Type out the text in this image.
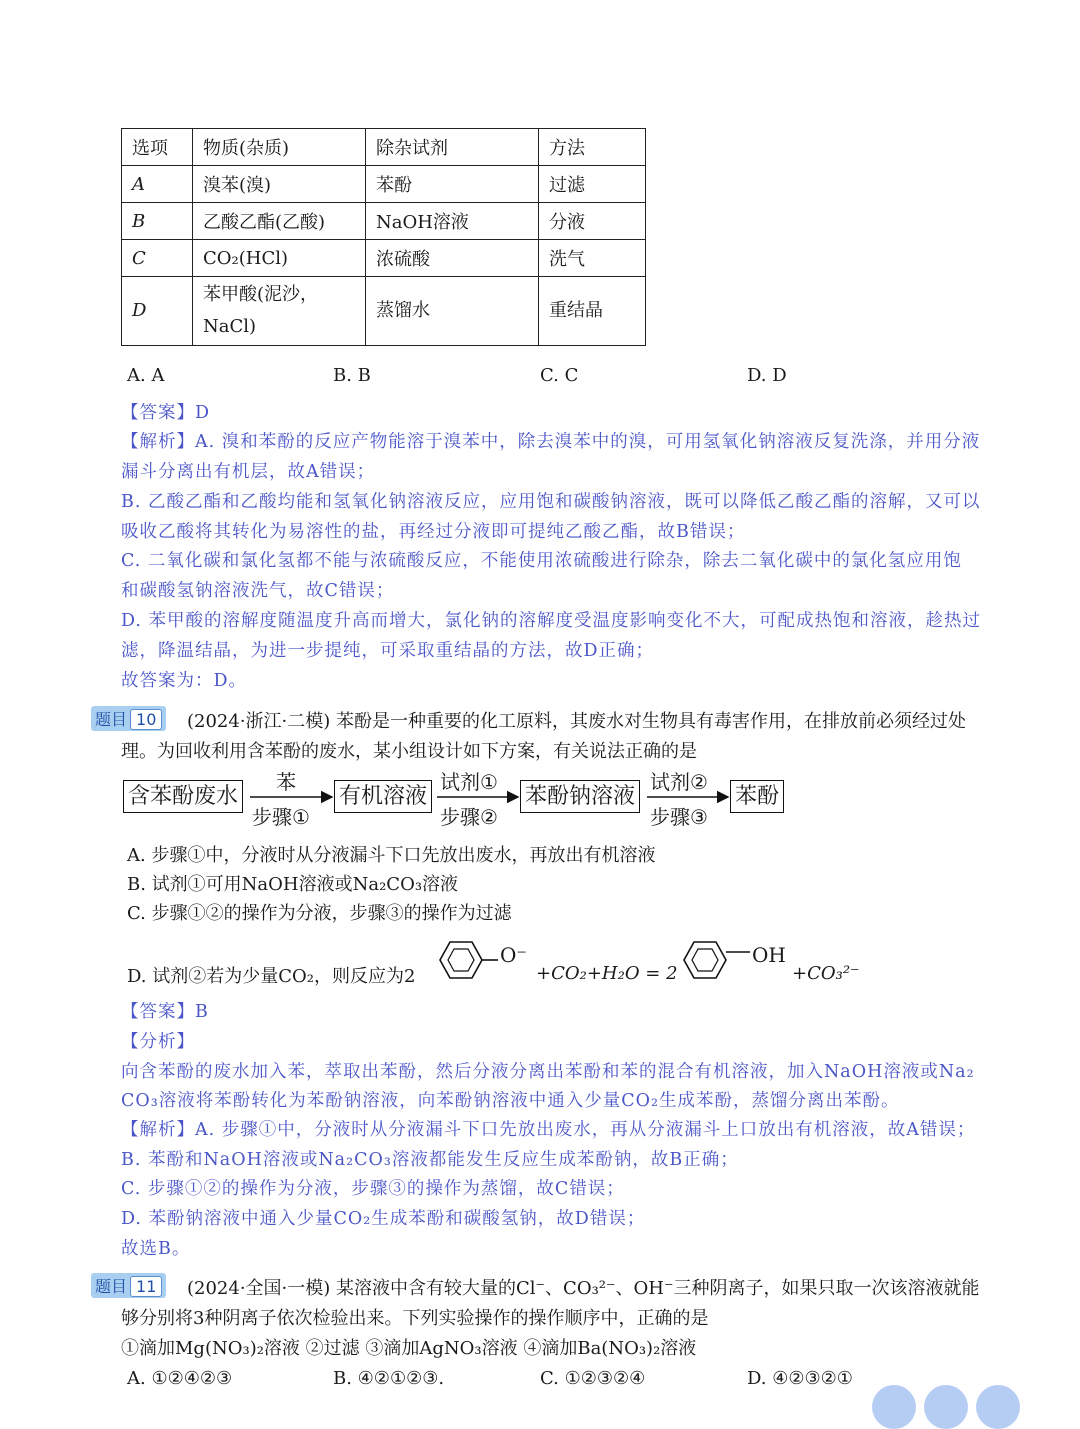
选项	物质(杂质)	除杂试剂	方法
A	溴苯(溴)	苯酚	过滤
B	乙酸乙酯(乙酸)	NaOH溶液	分液
C	CO₂(HCl)	浓硫酸	洗气
D	苯甲酸(泥沙，NaCl)	蒸馏水	重结晶
A. A	B. B	C. C	D. D
【答案】D
【解析】A. 溴和苯酚的反应产物能溶于溴苯中，除去溴苯中的溴，可用氢氧化钠溶液反复洗涤，并用分液
漏斗分离出有机层，故A错误；
B. 乙酸乙酯和乙酸均能和氢氧化钠溶液反应，应用饱和碳酸钠溶液，既可以降低乙酸乙酯的溶解，又可以
吸收乙酸将其转化为易溶性的盐，再经过分液即可提纯乙酸乙酯，故B错误；
C. 二氧化碳和氯化氢都不能与浓硫酸反应，不能使用浓硫酸进行除杂，除去二氧化碳中的氯化氢应用饱
和碳酸氢钠溶液洗气，故C错误；
D. 苯甲酸的溶解度随温度升高而增大，氯化钠的溶解度受温度影响变化不大，可配成热饱和溶液，趁热过
滤，降温结晶，为进一步提纯，可采取重结晶的方法，故D正确；
故答案为：D。
题目 10	(2024·浙江·二模) 苯酚是一种重要的化工原料，其废水对生物具有毒害作用，在排放前必须经过处
理。为回收利用含苯酚的废水，某小组设计如下方案，有关说法正确的是
含苯酚废水	有机溶液	苯酚钠溶液	苯酚
苯	试剂①	试剂②
步骤①	步骤②	步骤③
A. 步骤①中，分液时从分液漏斗下口先放出废水，再放出有机溶液
B. 试剂①可用NaOH溶液或Na₂CO₃溶液
C. 步骤①②的操作为分液，步骤③的操作为过滤
D. 试剂②若为少量CO₂，则反应为2
O⁻
+CO₂+H₂O = 2
OH
+CO₃²⁻
【答案】B
【分析】
向含苯酚的废水加入苯，萃取出苯酚，然后分液分离出苯酚和苯的混合有机溶液，加入NaOH溶液或Na₂
CO₃溶液将苯酚转化为苯酚钠溶液，向苯酚钠溶液中通入少量CO₂生成苯酚，蒸馏分离出苯酚。
【解析】A. 步骤①中，分液时从分液漏斗下口先放出废水，再从分液漏斗上口放出有机溶液，故A错误；
B. 苯酚和NaOH溶液或Na₂CO₃溶液都能发生反应生成苯酚钠，故B正确；
C. 步骤①②的操作为分液，步骤③的操作为蒸馏，故C错误；
D. 苯酚钠溶液中通入少量CO₂生成苯酚和碳酸氢钠，故D错误；
故选B。
题目 11	(2024·全国·一模) 某溶液中含有较大量的Cl⁻、CO₃²⁻、OH⁻三种阴离子，如果只取一次该溶液就能
够分别将3种阴离子依次检验出来。下列实验操作的操作顺序中，正确的是
①滴加Mg(NO₃)₂溶液 ②过滤 ③滴加AgNO₃溶液 ④滴加Ba(NO₃)₂溶液
A. ①②④②③	B. ④②①②③.	C. ①②③②④	D. ④②③②①
